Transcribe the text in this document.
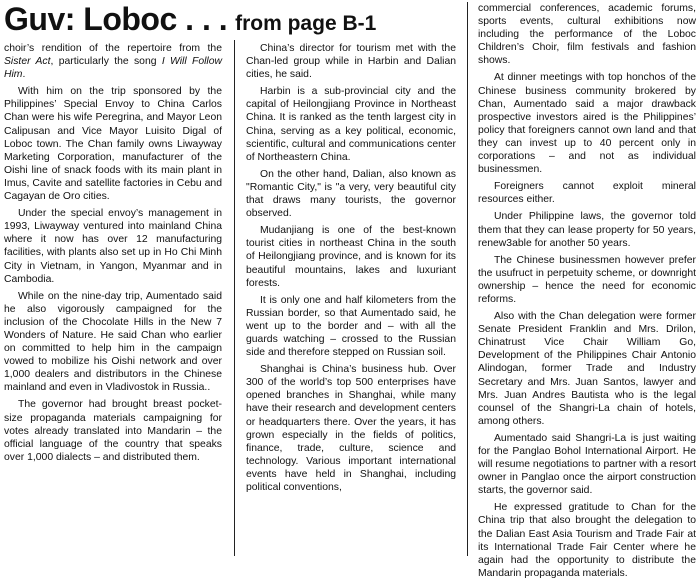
Guv: Loboc . . . from page B-1

choir’s rendition of the repertoire from the Sister Act, particularly the song I Will Follow Him.

With him on the trip sponsored by the Philippines’ Special Envoy to China Carlos Chan were his wife Peregrina, and Mayor Leon Calipusan and Vice Mayor Luisito Digal of Loboc town. The Chan family owns Liwayway Marketing Corporation, manufacturer of the Oishi line of snack foods with its main plant in Imus, Cavite and satellite factories in Cebu and Cagayan de Oro cities.

Under the special envoy’s management in 1993, Liwayway ventured into mainland China where it now has over 12 manufacturing facilities, with plants also set up in Ho Chi Minh City in Vietnam, in Yangon, Myanmar and in Cambodia.

While on the nine-day trip, Aumentado said he also vigorously campaigned for the inclusion of the Chocolate Hills in the New 7 Wonders of Nature. He said Chan who earlier on committed to help him in the campaign vowed to mobilize his Oishi network and over 1,000 dealers and distributors in the Chinese mainland and even in Vladivostok in Russia..

The governor had brought breast pocket-size propaganda materials campaigning for votes already translated into Mandarin – the official language of the country that speaks over 1,000 dialects – and distributed them.

China’s director for tourism met with the Chan-led group while in Harbin and Dalian cities, he said.

Harbin is a sub-provincial city and the capital of Heilongjiang Province in Northeast China. It is ranked as the tenth largest city in China, serving as a key political, economic, scientific, cultural and communications center of Northeastern China.

On the other hand, Dalian, also known as "Romantic City," is "a very, very beautiful city that draws many tourists, the governor observed.

Mudanjiang is one of the best-known tourist cities in northeast China in the south of Heilongjiang province, and is known for its beautiful mountains, lakes and luxuriant forests.

It is only one and half kilometers from the Russian border, so that Aumentado said, he went up to the border and – with all the guards watching – crossed to the Russian side and therefore stepped on Russian soil.

Shanghai is China’s business hub. Over 300 of the world’s top 500 enterprises have opened branches in Shanghai, while many have their research and development centers or headquarters there. Over the years, it has grown especially in the fields of politics, finance, trade, culture, science and technology. Various important international events have held in Shanghai, including political conventions,

commercial conferences, academic forums, sports events, cultural exhibitions now including the performance of the Loboc Children’s Choir, film festivals and fashion shows.

At dinner meetings with top honchos of the Chinese business community brokered by Chan, Aumentado said a major drawback prospective investors aired is the Philippines’ policy that foreigners cannot own land and that they can invest up to 40 percent only in corporations – and not as individual businessmen.

Foreigners cannot exploit mineral resources either.

Under Philippine laws, the governor told them that they can lease property for 50 years, renew3able for another 50 years.

The Chinese businessmen however prefer the usufruct in perpetuity scheme, or downright ownership – hence the need for economic reforms.

Also with the Chan delegation were former Senate President Franklin and Mrs. Drilon, Chinatrust Vice Chair William Go, Development of the Philippines Chair Antonio Alindogan, former Trade and Industry Secretary and Mrs. Juan Santos, lawyer and Mrs. Juan Andres Bautista who is the legal counsel of the Shangri-La chain of hotels, among others.

Aumentado said Shangri-La is just waiting for the Panglao Bohol International Airport. He will resume negotiations to partner with a resort owner in Panglao once the airport construction starts, the governor said.

He expressed gratitude to Chan for the China trip that also brought the delegation to the Dalian East Asia Tourism and Trade Fair at its International Trade Fair Center where he again had the opportunity to distribute the Mandarin propaganda materials.
